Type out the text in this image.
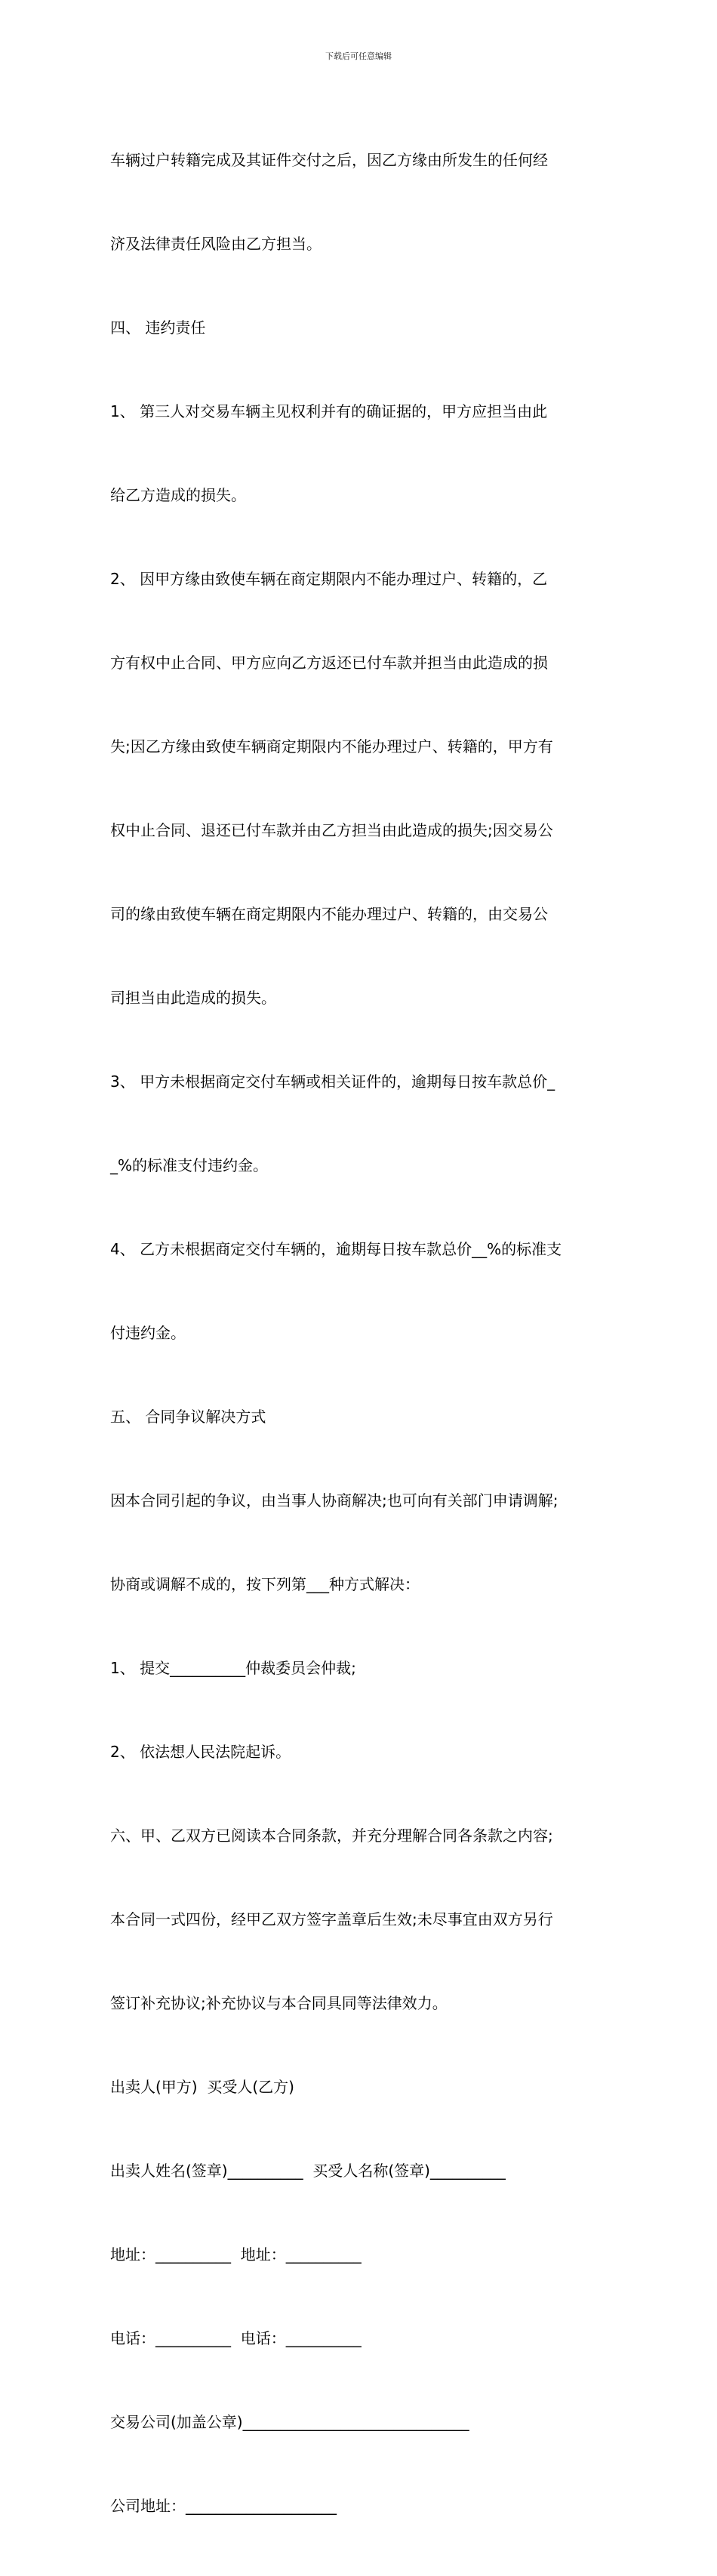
下载后可任意编辑

车辆过户转籍完成及其证件交付之后，因乙方缘由所发生的任何经

济及法律责任风险由乙方担当。

四、 违约责任

1、 第三人对交易车辆主见权利并有的确证据的，甲方应担当由此

给乙方造成的损失。

2、 因甲方缘由致使车辆在商定期限内不能办理过户、转籍的，乙

方有权中止合同、甲方应向乙方返还已付车款并担当由此造成的损

失;因乙方缘由致使车辆商定期限内不能办理过户、转籍的，甲方有

权中止合同、退还已付车款并由乙方担当由此造成的损失;因交易公

司的缘由致使车辆在商定期限内不能办理过户、转籍的，由交易公

司担当由此造成的损失。

3、 甲方未根据商定交付车辆或相关证件的，逾期每日按车款总价_

_%的标准支付违约金。

4、 乙方未根据商定交付车辆的，逾期每日按车款总价__%的标准支

付违约金。

五、 合同争议解决方式

因本合同引起的争议，由当事人协商解决;也可向有关部门申请调解;

协商或调解不成的，按下列第___种方式解决：

1、 提交__________仲裁委员会仲裁;

2、 依法想人民法院起诉。

六、甲、乙双方已阅读本合同条款，并充分理解合同各条款之内容;

本合同一式四份，经甲乙双方签字盖章后生效;未尽事宜由双方另行

签订补充协议;补充协议与本合同具同等法律效力。

出卖人(甲方)  买受人(乙方)

出卖人姓名(签章)__________  买受人名称(签章)__________

地址：__________  地址：__________

电话：__________  电话：__________

交易公司(加盖公章)______________________________

公司地址：____________________
